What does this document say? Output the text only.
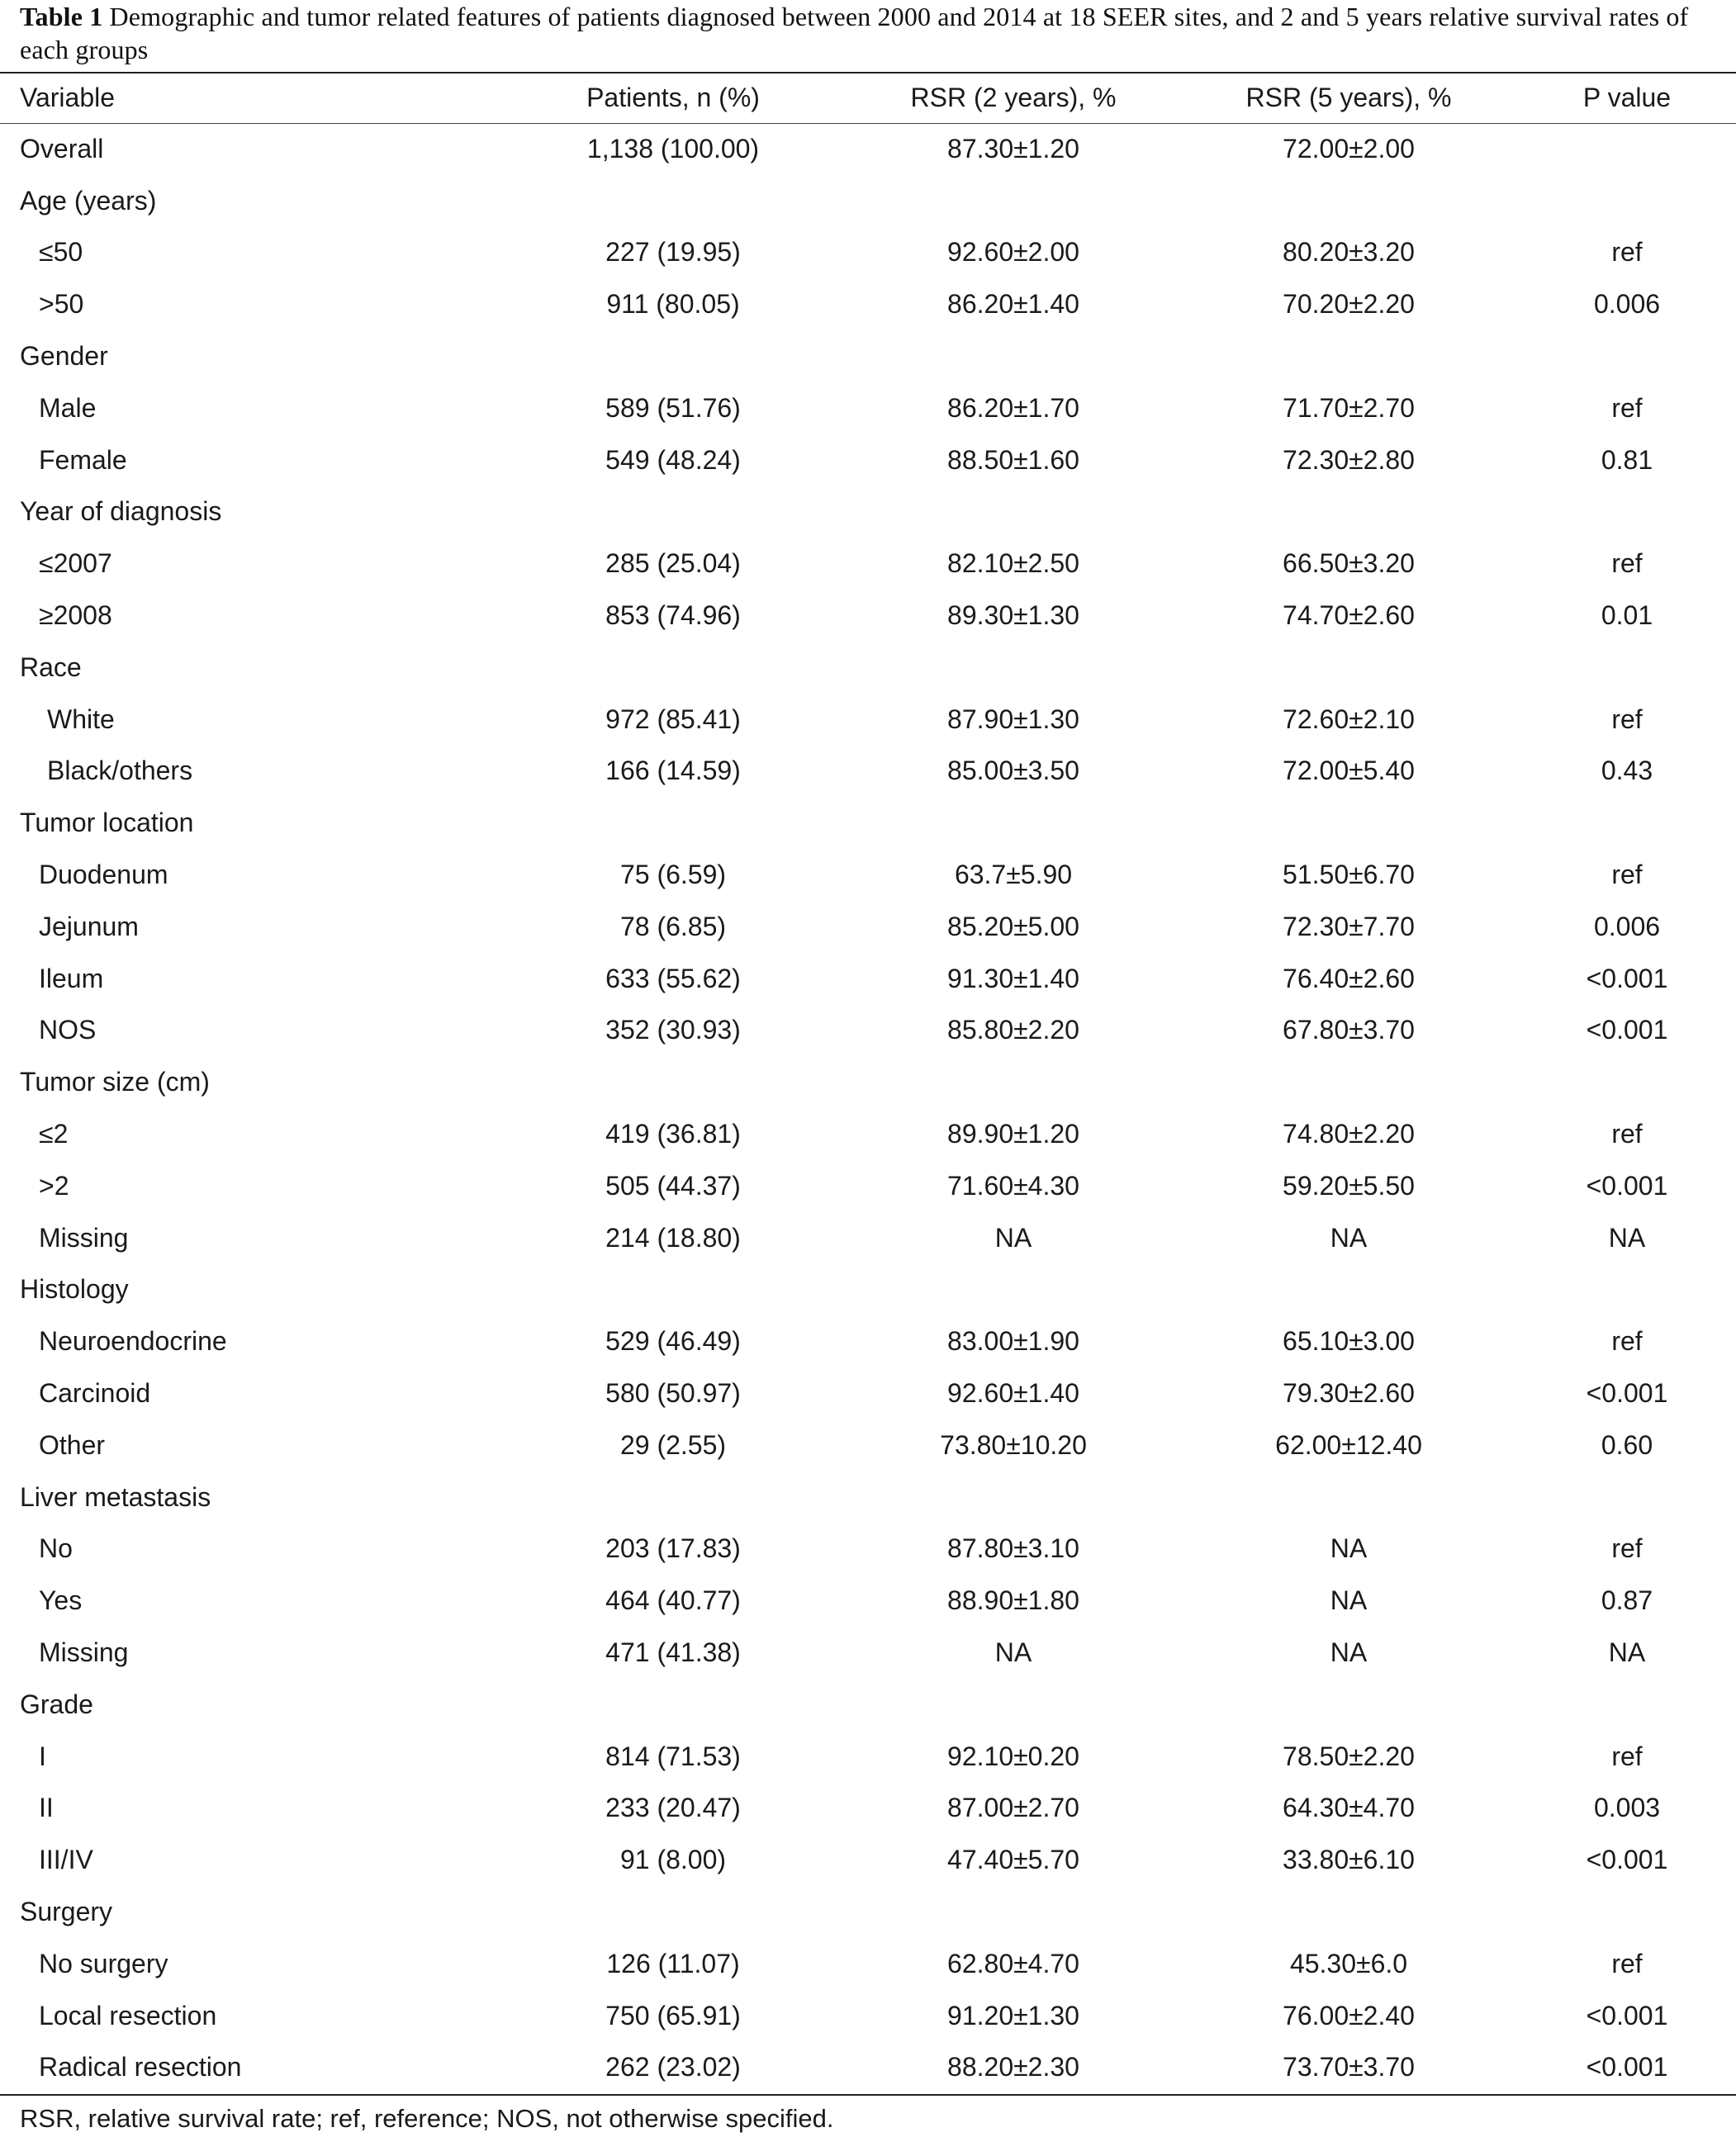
Table 1 Demographic and tumor related features of patients diagnosed between 2000 and 2014 at 18 SEER sites, and 2 and 5 years relative survival rates of each groups
Variable	Patients, n (%)	RSR (2 years), %	RSR (5 years), %	P value
Overall	1,138 (100.00)	87.30±1.20	72.00±2.00
Age (years)
≤50	227 (19.95)	92.60±2.00	80.20±3.20	ref
>50	911 (80.05)	86.20±1.40	70.20±2.20	0.006
Gender
Male	589 (51.76)	86.20±1.70	71.70±2.70	ref
Female	549 (48.24)	88.50±1.60	72.30±2.80	0.81
Year of diagnosis
≤2007	285 (25.04)	82.10±2.50	66.50±3.20	ref
≥2008	853 (74.96)	89.30±1.30	74.70±2.60	0.01
Race
White	972 (85.41)	87.90±1.30	72.60±2.10	ref
Black/others	166 (14.59)	85.00±3.50	72.00±5.40	0.43
Tumor location
Duodenum	75 (6.59)	63.7±5.90	51.50±6.70	ref
Jejunum	78 (6.85)	85.20±5.00	72.30±7.70	0.006
Ileum	633 (55.62)	91.30±1.40	76.40±2.60	<0.001
NOS	352 (30.93)	85.80±2.20	67.80±3.70	<0.001
Tumor size (cm)
≤2	419 (36.81)	89.90±1.20	74.80±2.20	ref
>2	505 (44.37)	71.60±4.30	59.20±5.50	<0.001
Missing	214 (18.80)	NA	NA	NA
Histology
Neuroendocrine	529 (46.49)	83.00±1.90	65.10±3.00	ref
Carcinoid	580 (50.97)	92.60±1.40	79.30±2.60	<0.001
Other	29 (2.55)	73.80±10.20	62.00±12.40	0.60
Liver metastasis
No	203 (17.83)	87.80±3.10	NA	ref
Yes	464 (40.77)	88.90±1.80	NA	0.87
Missing	471 (41.38)	NA	NA	NA
Grade
I	814 (71.53)	92.10±0.20	78.50±2.20	ref
II	233 (20.47)	87.00±2.70	64.30±4.70	0.003
III/IV	91 (8.00)	47.40±5.70	33.80±6.10	<0.001
Surgery
No surgery	126 (11.07)	62.80±4.70	45.30±6.0	ref
Local resection	750 (65.91)	91.20±1.30	76.00±2.40	<0.001
Radical resection	262 (23.02)	88.20±2.30	73.70±3.70	<0.001
RSR, relative survival rate; ref, reference; NOS, not otherwise specified.
